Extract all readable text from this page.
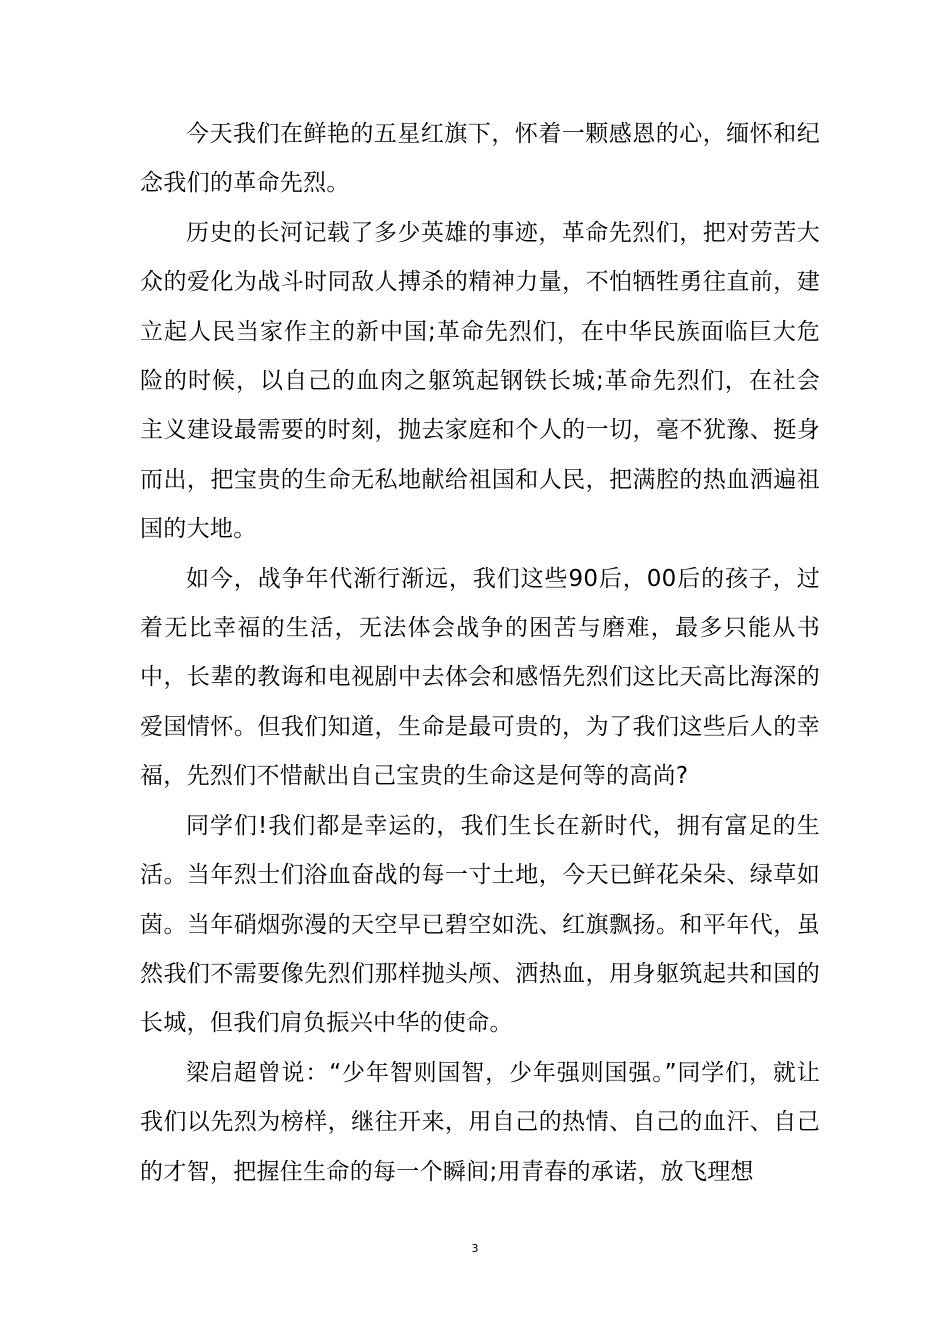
今天我们在鲜艳的五星红旗下，怀着一颗感恩的心，缅怀和纪念我们的革命先烈。

历史的长河记载了多少英雄的事迹，革命先烈们，把对劳苦大众的爱化为战斗时同敌人搏杀的精神力量，不怕牺牲勇往直前，建立起人民当家作主的新中国;革命先烈们，在中华民族面临巨大危险的时候，以自己的血肉之躯筑起钢铁长城;革命先烈们，在社会主义建设最需要的时刻，抛去家庭和个人的一切，毫不犹豫、挺身而出，把宝贵的生命无私地献给祖国和人民，把满腔的热血洒遍祖国的大地。

如今，战争年代渐行渐远，我们这些90后，00后的孩子，过着无比幸福的生活，无法体会战争的困苦与磨难，最多只能从书中，长辈的教诲和电视剧中去体会和感悟先烈们这比天高比海深的爱国情怀。但我们知道，生命是最可贵的，为了我们这些后人的幸福，先烈们不惜献出自己宝贵的生命这是何等的高尚?

同学们!我们都是幸运的，我们生长在新时代，拥有富足的生活。当年烈士们浴血奋战的每一寸土地，今天已鲜花朵朵、绿草如茵。当年硝烟弥漫的天空早已碧空如洗、红旗飘扬。和平年代，虽然我们不需要像先烈们那样抛头颅、洒热血，用身躯筑起共和国的长城，但我们肩负振兴中华的使命。

梁启超曾说：“少年智则国智，少年强则国强。”同学们，就让我们以先烈为榜样，继往开来，用自己的热情、自己的血汗、自己的才智，把握住生命的每一个瞬间;用青春的承诺，放飞理想

3
